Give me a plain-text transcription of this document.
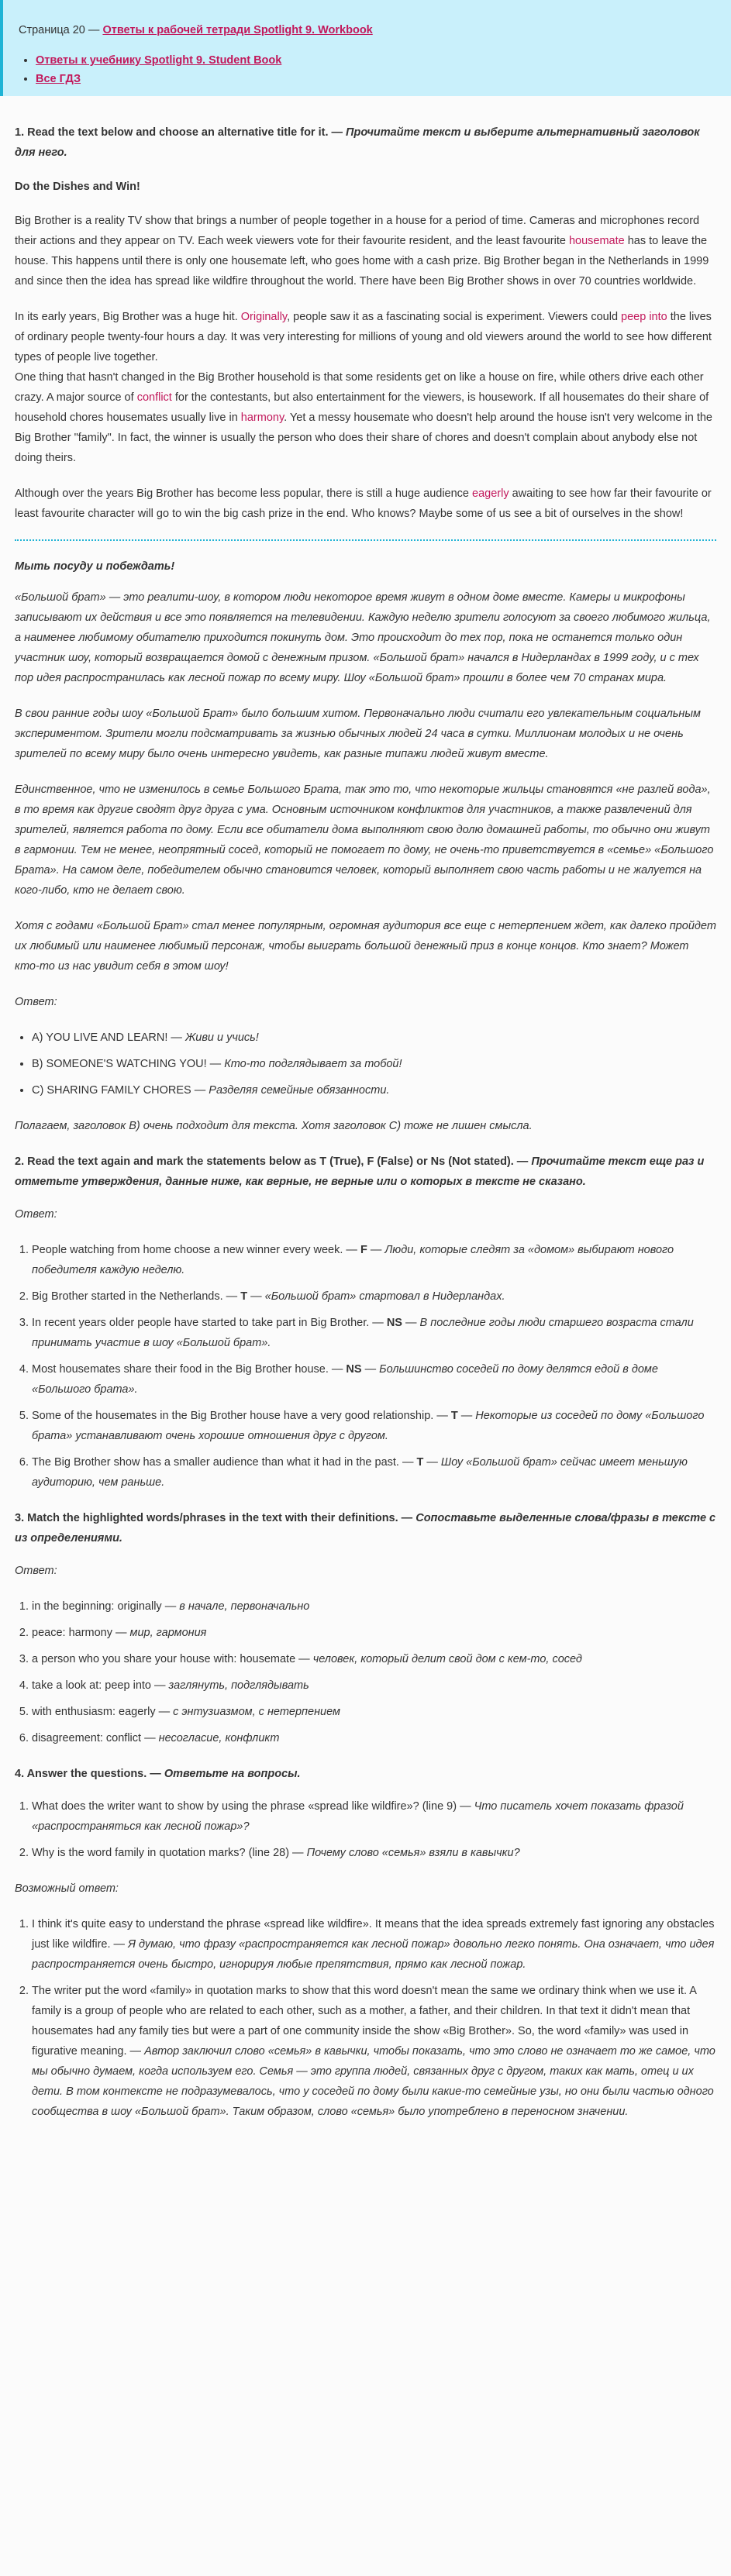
Страница 20 — Ответы к рабочей тетради Spotlight 9. Workbook
• Ответы к учебнику Spotlight 9. Student Book
• Все ГДЗ
1. Read the text below and choose an alternative title for it. — Прочитайте текст и выберите альтернативный заголовок для него.
Do the Dishes and Win!

Big Brother is a reality TV show that brings a number of people together in a house for a period of time. Cameras and microphones record their actions and they appear on TV. Each week viewers vote for their favourite resident, and the least favourite housemate has to leave the house. This happens until there is only one housemate left, who goes home with a cash prize. Big Brother began in the Netherlands in 1999 and since then the idea has spread like wildfire throughout the world. There have been Big Brother shows in over 70 countries worldwide.

In its early years, Big Brother was a huge hit. Originally, people saw it as a fascinating social is experiment. Viewers could peep into the lives of ordinary people twenty-four hours a day. It was very interesting for millions of young and old viewers around the world to see how different types of people live together.

One thing that hasn't changed in the Big Brother household is that some residents get on like a house on fire, while others drive each other crazy. A major source of conflict for the contestants, but also entertainment for the viewers, is housework. If all housemates do their share of household chores housemates usually live in harmony. Yet a messy housemate who doesn't help around the house isn't very welcome in the Big Brother "family". In fact, the winner is usually the person who does their share of chores and doesn't complain about anybody else not doing theirs.

Although over the years Big Brother has become less popular, there is still a huge audience eagerly awaiting to see how far their favourite or least favourite character will go to win the big cash prize in the end. Who knows? Maybe some of us see a bit of ourselves in the show!

Мыть посуду и побеждать!

«Большой брат» — это реалити-шоу, в котором люди некоторое время живут в одном доме вместе. Камеры и микрофоны записывают их действия и все это появляется на телевидении. Каждую неделю зрители голосуют за своего любимого жильца, а наименее любимому обитателю приходится покинуть дом. Это происходит до тех пор, пока не останется только один участник шоу, который возвращается домой с денежным призом. «Большой брат» начался в Нидерландах в 1999 году, и с тех пор идея распространилась как лесной пожар по всему миру. Шоу «Большой брат» прошли в более чем 70 странах мира.

В свои ранние годы шоу «Большой Брат» было большим хитом. Первоначально люди считали его увлекательным социальным экспериментом. Зрители могли подсматривать за жизнью обычных людей 24 часа в сутки. Миллионам молодых и не очень зрителей по всему миру было очень интересно увидеть, как разные типажи людей живут вместе.

Единственное, что не изменилось в семье Большого Брата, так это то, что некоторые жильцы становятся «не разлей вода», в то время как другие сводят друг друга с ума. Основным источником конфликтов для участников, а также развлечений для зрителей, является работа по дому. Если все обитатели дома выполняют свою долю домашней работы, то обычно они живут в гармонии. Тем не менее, неопрятный сосед, который не помогает по дому, не очень-то приветствуется в «семье» «Большого Брата». На самом деле, победителем обычно становится человек, который выполняет свою часть работы и не жалуется на кого-либо, кто не делает свою.

Хотя с годами «Большой Брат» стал менее популярным, огромная аудитория все еще с нетерпением ждет, как далеко пройдет их любимый или наименее любимый персонаж, чтобы выиграть большой денежный приз в конце концов. Кто знает? Может кто-то из нас увидит себя в этом шоу!

Ответ:

• A) YOU LIVE AND LEARN! — Живи и учись!
• B) SOMEONE'S WATCHING YOU! — Кто-то подглядывает за тобой!
• C) SHARING FAMILY CHORES — Разделяя семейные обязанности.

Полагаем, заголовок B) очень подходит для текста. Хотя заголовок C) тоже не лишен смысла.

2. Read the text again and mark the statements below as T (True), F (False) or Ns (Not stated). — Прочитайте текст еще раз и отметьте утверждения, данные ниже, как верные, не верные или о которых в тексте не сказано.

Ответ:

1. People watching from home choose a new winner every week. — F — Люди, которые следят за «домом» выбирают нового победителя каждую неделю.
2. Big Brother started in the Netherlands. — T — «Большой брат» стартовал в Нидерландах.
3. In recent years older people have started to take part in Big Brother. — NS — В последние годы люди старшего возраста стали принимать участие в шоу «Большой брат».
4. Most housemates share their food in the Big Brother house. — NS — Большинство соседей по дому делятся едой в доме «Большого брата».
5. Some of the housemates in the Big Brother house have a very good relationship. — T — Некоторые из соседей по дому «Большого брата» устанавливают очень хорошие отношения друг с другом.
6. The Big Brother show has a smaller audience than what it had in the past. — T — Шоу «Большой брат» сейчас имеет меньшую аудиторию, чем раньше.
3. Match the highlighted words/phrases in the text with their definitions. — Сопоставьте выделенные слова/фразы в тексте с из определениями.

Ответ:

1. in the beginning: originally — в начале, первоначально
2. peace: harmony — мир, гармония
3. a person who you share your house with: housemate — человек, который делит свой дом с кем-то, сосед
4. take a look at: peep into — заглянуть, подглядывать
5. with enthusiasm: eagerly — с энтузиазмом, с нетерпением
6. disagreement: conflict — несогласие, конфликт
4. Answer the questions. — Ответьте на вопросы.
1. What does the writer want to show by using the phrase «spread like wildfire»? (line 9) — Что писатель хочет показать фразой «распространяться как лесной пожар»?
2. Why is the word family in quotation marks? (line 28) — Почему слово «семья» взяли в кавычки?

Возможный ответ:

1. I think it's quite easy to understand the phrase «spread like wildfire». It means that the idea spreads extremely fast ignoring any obstacles just like wildfire. — Я думаю, что фразу «распространяется как лесной пожар» довольно легко понять. Она означает, что идея распространяется очень быстро, игнорируя любые препятствия, прямо как лесной пожар.
2. The writer put the word «family» in quotation marks to show that this word doesn't mean the same we ordinary think when we use it. A family is a group of people who are related to each other, such as a mother, a father, and their children. In that text it didn't mean that housemates had any family ties but were a part of one community inside the show «Big Brother». So, the word «family» was used in figurative meaning. — Автор заключил слово «семья» в кавычки, чтобы показать, что это слово не означает то же самое, что мы обычно думаем, когда используем его. Семья — это группа людей, связанных друг с другом, таких как мать, отец и их дети. В том контексте не подразумевалось, что у соседей по дому были какие-то семейные узы, но они были частью одного сообщества в шоу «Большой брат». Таким образом, слово «семья» было употреблено в переносном значении.
